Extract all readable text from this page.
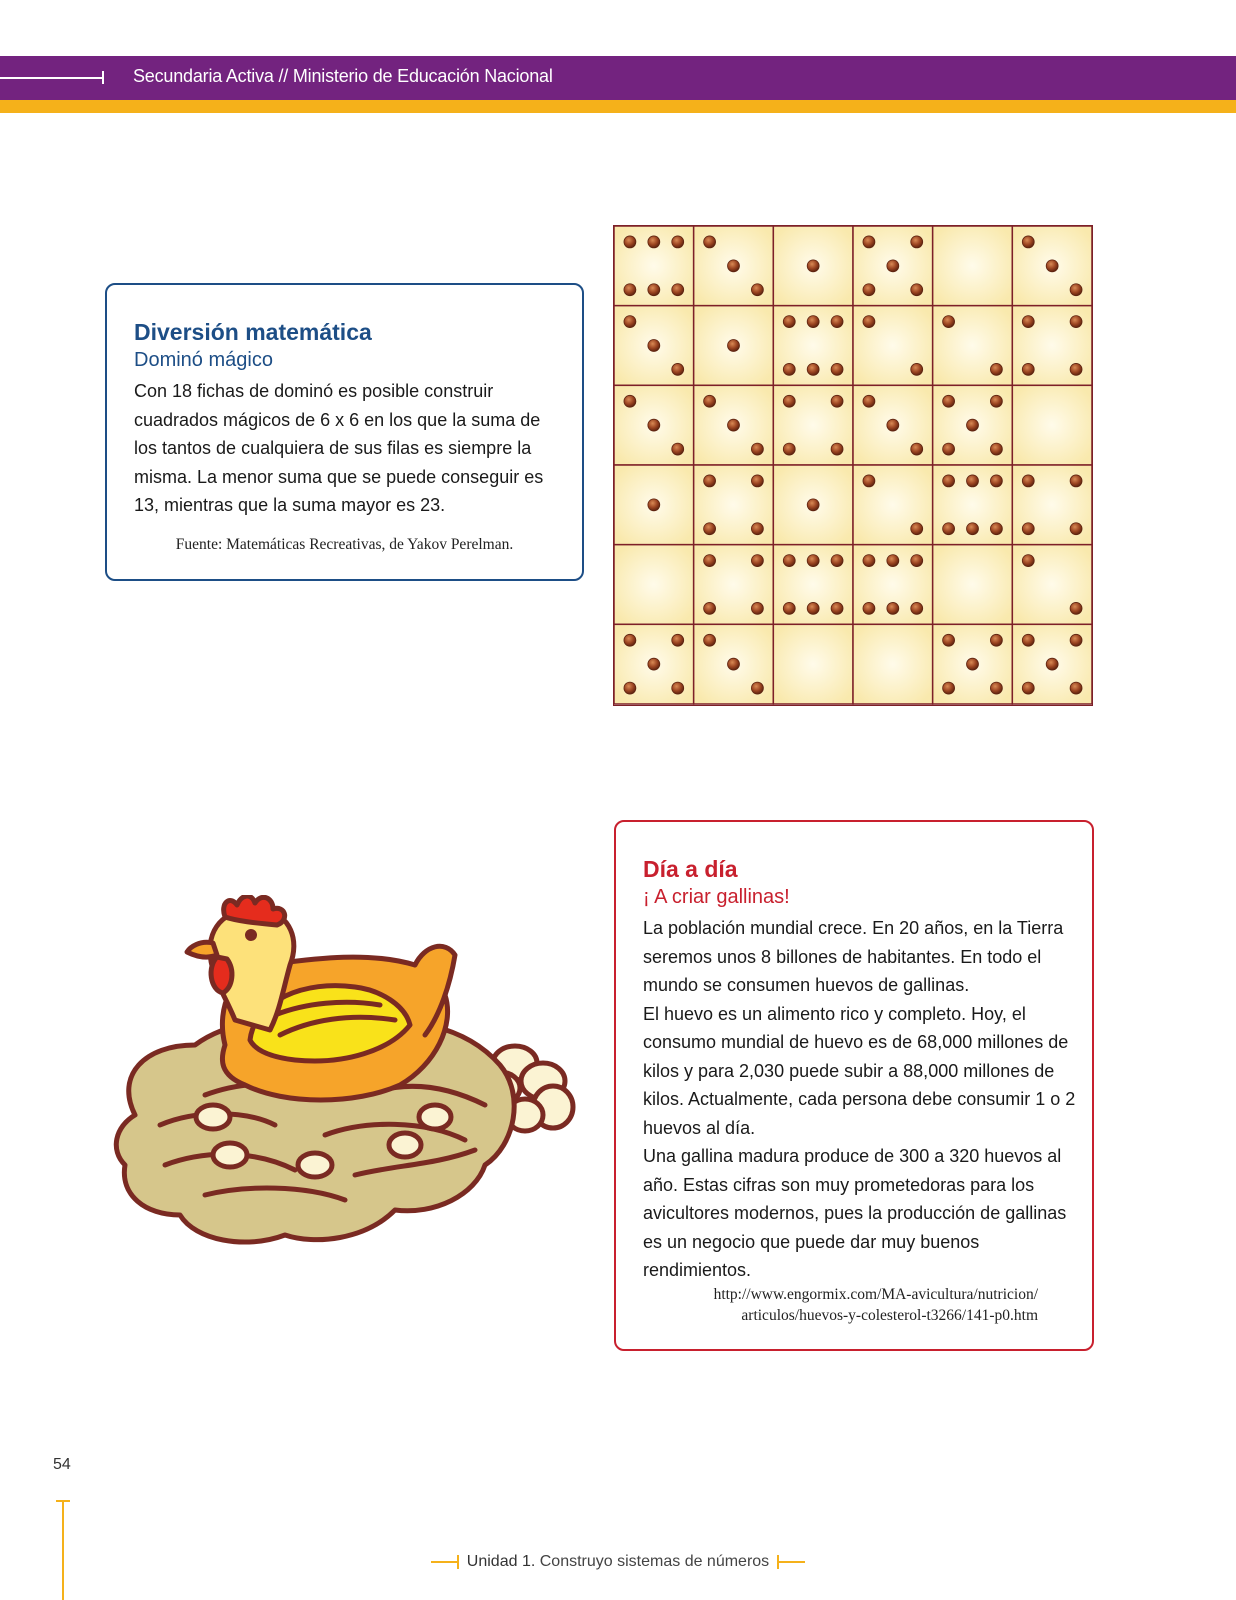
Secundaria Activa // Ministerio de Educación Nacional
Diversión matemática
Dominó mágico
Con 18 fichas de dominó es posible construir cuadrados mágicos de 6 x 6 en los que la suma de los tantos de cualquiera de sus filas es siempre la misma. La menor suma que se puede conseguir es 13, mientras que la suma mayor es 23.
Fuente: Matemáticas Recreativas, de Yakov Perelman.
Día a día
¡ A criar gallinas!

La población mundial crece. En 20 años, en la Tierra seremos unos 8 billones de habitantes. En todo el mundo se consumen huevos de gallinas.

El huevo es un alimento rico y completo. Hoy, el consumo mundial de huevo es de 68,000 millones de kilos y para 2,030 puede subir a 88,000 millones de kilos. Actualmente, cada persona debe consumir 1 o 2 huevos al día.

Una gallina madura produce de 300 a 320 huevos al año. Estas cifras son muy prometedoras para los avicultores modernos, pues la producción de gallinas es un negocio que puede dar muy buenos rendimientos.

http://www.engormix.com/MA-avicultura/nutricion/
articulos/huevos-y-colesterol-t3266/141-p0.htm
54
Unidad 1. Construyo sistemas de números
